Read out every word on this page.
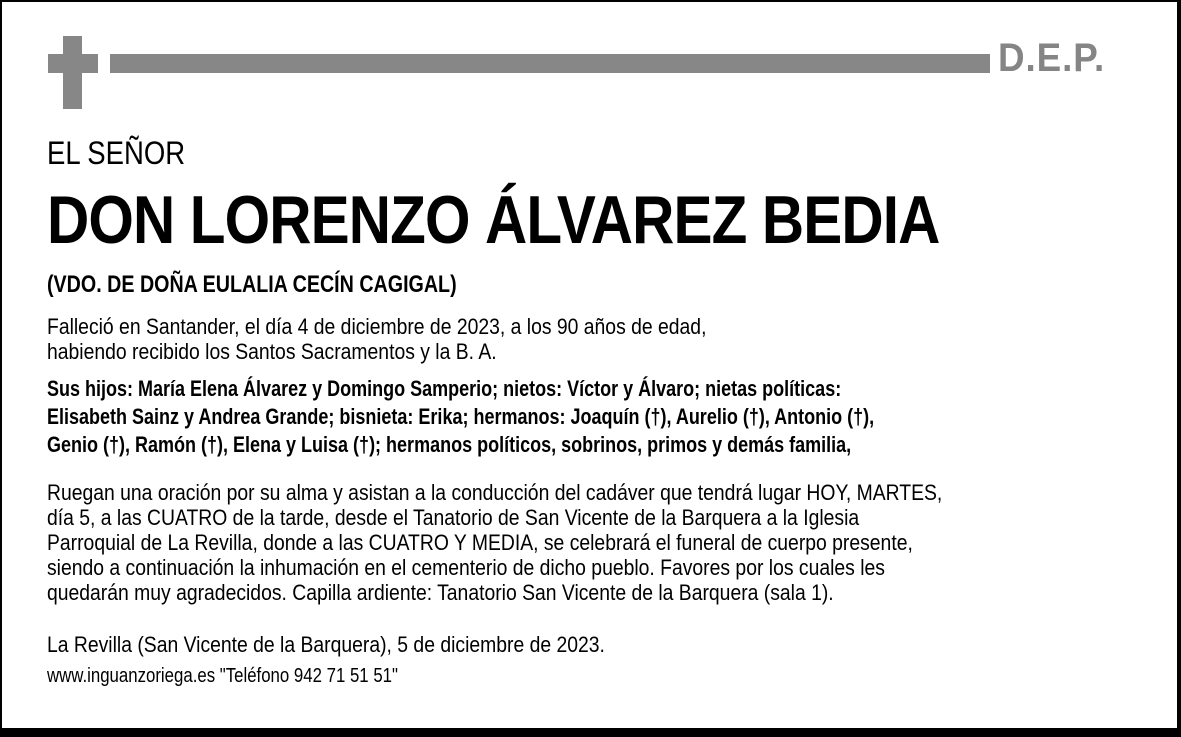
D.E.P.
EL SEÑOR
DON LORENZO ÁLVAREZ BEDIA
(VDO. DE DOÑA EULALIA CECÍN CAGIGAL)
Falleció en Santander, el día 4 de diciembre de 2023, a los 90 años de edad,
habiendo recibido los Santos Sacramentos y la B. A.
Sus hijos: María Elena Álvarez y Domingo Samperio; nietos: Víctor y Álvaro; nietas políticas:
Elisabeth Sainz y Andrea Grande; bisnieta: Erika; hermanos: Joaquín (†), Aurelio (†), Antonio (†),
Genio (†), Ramón (†), Elena y Luisa (†); hermanos políticos, sobrinos, primos y demás familia,
Ruegan una oración por su alma y asistan a la conducción del cadáver que tendrá lugar HOY, MARTES,
día 5, a las CUATRO de la tarde, desde el Tanatorio de San Vicente de la Barquera a la Iglesia
Parroquial de La Revilla, donde a las CUATRO Y MEDIA, se celebrará el funeral de cuerpo presente,
siendo a continuación la inhumación en el cementerio de dicho pueblo. Favores por los cuales les
quedarán muy agradecidos. Capilla ardiente: Tanatorio San Vicente de la Barquera (sala 1).
La Revilla (San Vicente de la Barquera), 5 de diciembre de 2023.
www.inguanzoriega.es "Teléfono 942 71 51 51"
